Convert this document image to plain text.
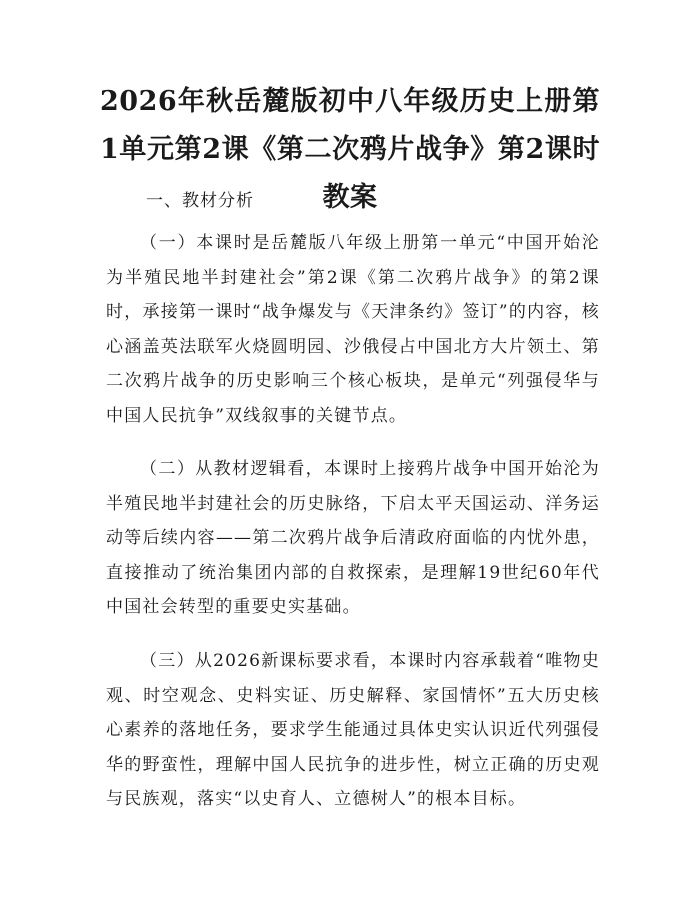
2026年秋岳麓版初中八年级历史上册第1单元第2课《第二次鸦片战争》第2课时教案
一、教材分析

（一）本课时是岳麓版八年级上册第一单元“中国开始沦为半殖民地半封建社会”第2课《第二次鸦片战争》的第2课时，承接第一课时“战争爆发与《天津条约》签订”的内容，核心涵盖英法联军火烧圆明园、沙俄侵占中国北方大片领土、第二次鸦片战争的历史影响三个核心板块，是单元“列强侵华与中国人民抗争”双线叙事的关键节点。

（二）从教材逻辑看，本课时上接鸦片战争中国开始沦为半殖民地半封建社会的历史脉络，下启太平天国运动、洋务运动等后续内容——第二次鸦片战争后清政府面临的内忧外患，直接推动了统治集团内部的自救探索，是理解19世纪60年代中国社会转型的重要史实基础。

（三）从2026新课标要求看，本课时内容承载着“唯物史观、时空观念、史料实证、历史解释、家国情怀”五大历史核心素养的落地任务，要求学生能通过具体史实认识近代列强侵华的野蛮性，理解中国人民抗争的进步性，树立正确的历史观与民族观，落实“以史育人、立德树人”的根本目标。
